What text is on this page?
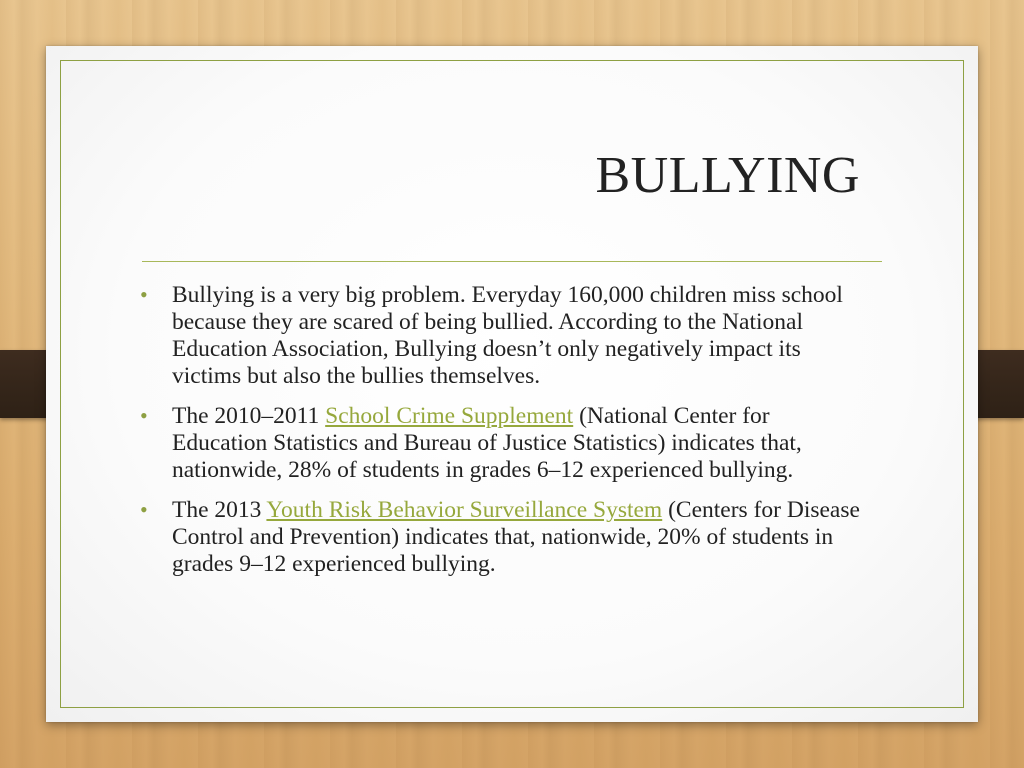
BULLYING
• Bullying is a very big problem. Everyday 160,000 children miss school because they are scared of being bullied. According to the National Education Association, Bullying doesn’t only negatively impact its victims but also the bullies themselves.
• The 2010–2011 School Crime Supplement (National Center for Education Statistics and Bureau of Justice Statistics) indicates that, nationwide, 28% of students in grades 6–12 experienced bullying.
• The 2013 Youth Risk Behavior Surveillance System (Centers for Disease Control and Prevention) indicates that, nationwide, 20% of students in grades 9–12 experienced bullying.
